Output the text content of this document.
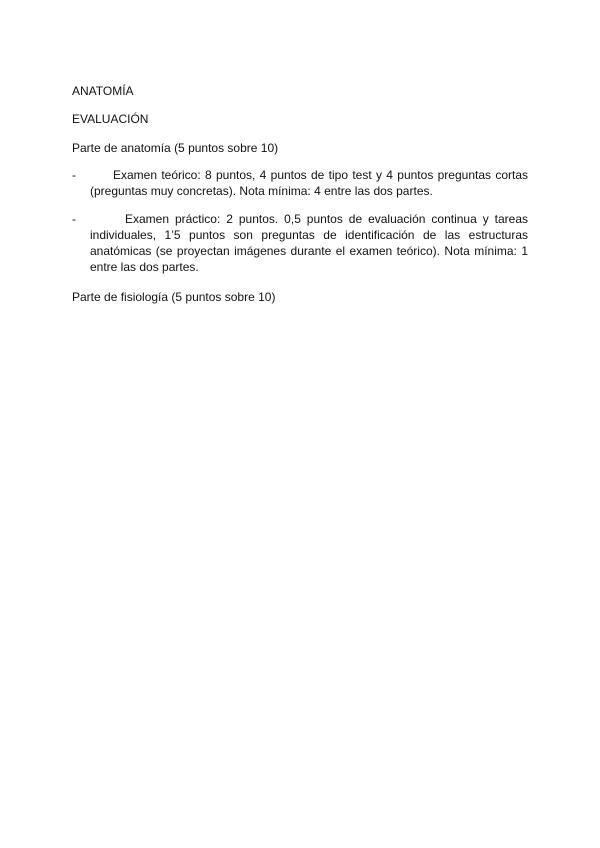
ANATOMÍA

EVALUACIÓN

Parte de anatomía (5 puntos sobre 10)

-	Examen teórico: 8 puntos, 4 puntos de tipo test y 4 puntos preguntas cortas (preguntas muy concretas). Nota mínima: 4 entre las dos partes.
-	Examen práctico: 2 puntos. 0,5 puntos de evaluación continua y tareas individuales, 1’5 puntos son preguntas de identificación de las estructuras anatómicas (se proyectan imágenes durante el examen teórico). Nota mínima: 1 entre las dos partes.

Parte de fisiología (5 puntos sobre 10)
